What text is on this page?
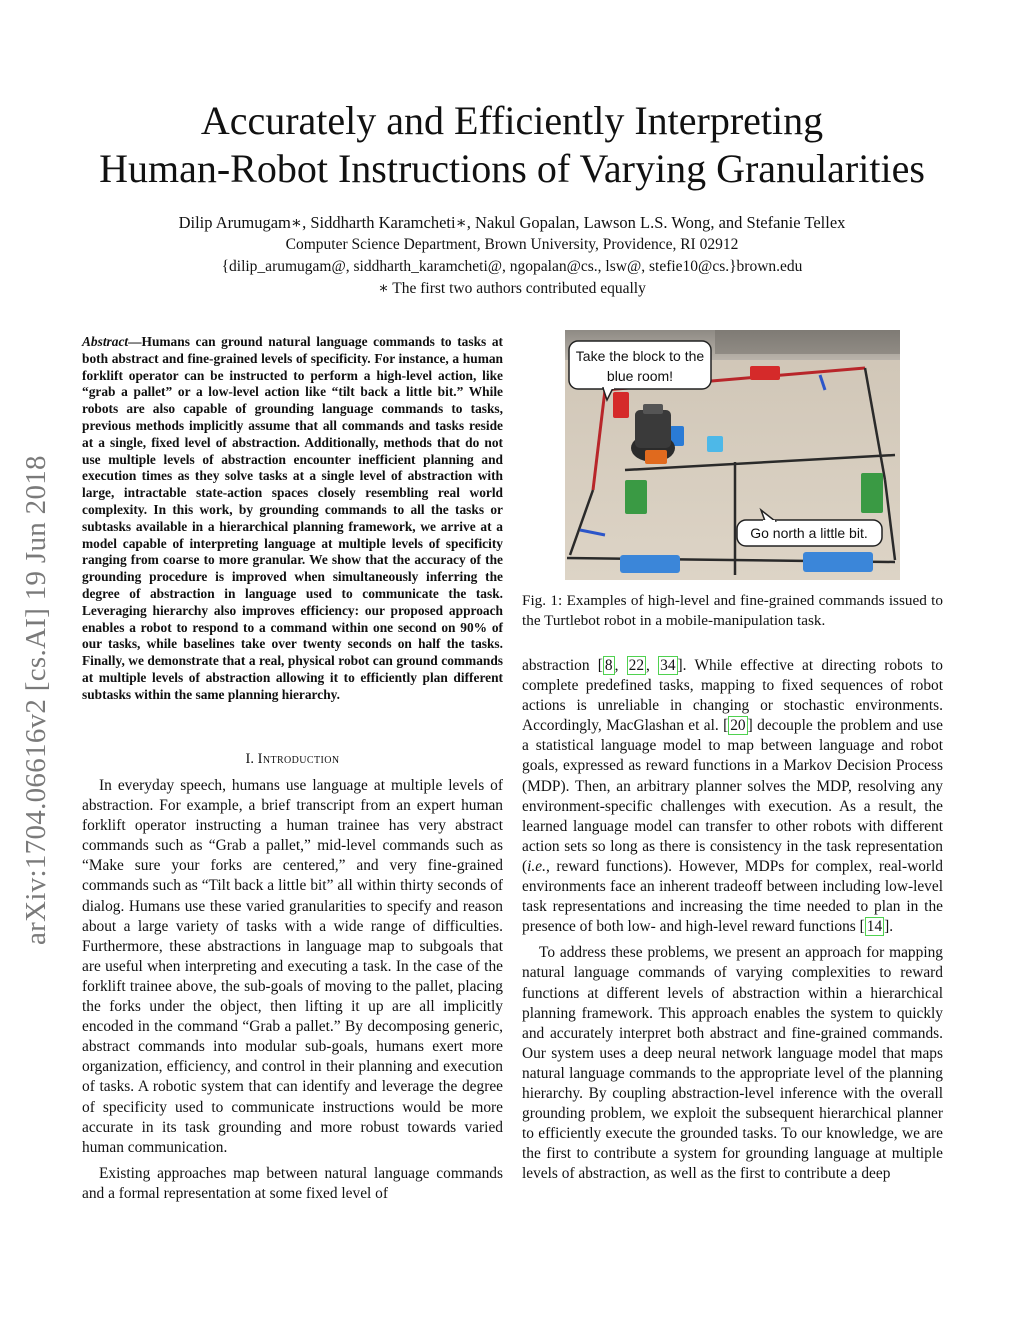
arXiv:1704.06616v2 [cs.AI] 19 Jun 2018
Accurately and Efficiently Interpreting
Human-Robot Instructions of Varying Granularities
Dilip Arumugam∗, Siddharth Karamcheti∗, Nakul Gopalan, Lawson L.S. Wong, and Stefanie Tellex
Computer Science Department, Brown University, Providence, RI 02912
{dilip_arumugam@, siddharth_karamcheti@, ngopalan@cs., lsw@, stefie10@cs.}brown.edu
∗ The first two authors contributed equally
Abstract—Humans can ground natural language commands to tasks at both abstract and fine-grained levels of specificity. For instance, a human forklift operator can be instructed to perform a high-level action, like “grab a pallet” or a low-level action like “tilt back a little bit.” While robots are also capable of grounding language commands to tasks, previous methods implicitly assume that all commands and tasks reside at a single, fixed level of abstraction. Additionally, methods that do not use multiple levels of abstraction encounter inefficient planning and execution times as they solve tasks at a single level of abstraction with large, intractable state-action spaces closely resembling real world complexity. In this work, by grounding commands to all the tasks or subtasks available in a hierarchical planning framework, we arrive at a model capable of interpreting language at multiple levels of specificity ranging from coarse to more granular. We show that the accuracy of the grounding procedure is improved when simultaneously inferring the degree of abstraction in language used to communicate the task. Leveraging hierarchy also improves efficiency: our proposed approach enables a robot to respond to a command within one second on 90% of our tasks, while baselines take over twenty seconds on half the tasks. Finally, we demonstrate that a real, physical robot can ground commands at multiple levels of abstraction allowing it to efficiently plan different subtasks within the same planning hierarchy.
I. Introduction

In everyday speech, humans use language at multiple levels of abstraction. For example, a brief transcript from an expert human forklift operator instructing a human trainee has very abstract commands such as “Grab a pallet,” mid-level commands such as “Make sure your forks are centered,” and very fine-grained commands such as “Tilt back a little bit” all within thirty seconds of dialog. Humans use these varied granularities to specify and reason about a large variety of tasks with a wide range of difficulties. Furthermore, these abstractions in language map to subgoals that are useful when interpreting and executing a task. In the case of the forklift trainee above, the sub-goals of moving to the pallet, placing the forks under the object, then lifting it up are all implicitly encoded in the command “Grab a pallet.” By decomposing generic, abstract commands into modular sub-goals, humans exert more organization, efficiency, and control in their planning and execution of tasks. A robotic system that can identify and leverage the degree of specificity used to communicate instructions would be more accurate in its task grounding and more robust towards varied human communication.

Existing approaches map between natural language commands and a formal representation at some fixed level of

Take the block to the
blue room!
Go north a little bit.
Fig. 1: Examples of high-level and fine-grained commands issued to the Turtlebot robot in a mobile-manipulation task.

abstraction [ 8 , 22 , 34 ]. While effective at directing robots to complete predefined tasks, mapping to fixed sequences of robot actions is unreliable in changing or stochastic environments. Accordingly, MacGlashan et al. [ 20 ] decouple the problem and use a statistical language model to map between language and robot goals, expressed as reward functions in a Markov Decision Process (MDP). Then, an arbitrary planner solves the MDP, resolving any environment-specific challenges with execution. As a result, the learned language model can transfer to other robots with different action sets so long as there is consistency in the task representation (i.e., reward functions). However, MDPs for complex, real-world environments face an inherent tradeoff between including low-level task representations and increasing the time needed to plan in the presence of both low- and high-level reward functions [ 14 ].

To address these problems, we present an approach for mapping natural language commands of varying complexities to reward functions at different levels of abstraction within a hierarchical planning framework. This approach enables the system to quickly and accurately interpret both abstract and fine-grained commands. Our system uses a deep neural network language model that maps natural language commands to the appropriate level of the planning hierarchy. By coupling abstraction-level inference with the overall grounding problem, we exploit the subsequent hierarchical planner to efficiently execute the grounded tasks. To our knowledge, we are the first to contribute a system for grounding language at multiple levels of abstraction, as well as the first to contribute a deep
